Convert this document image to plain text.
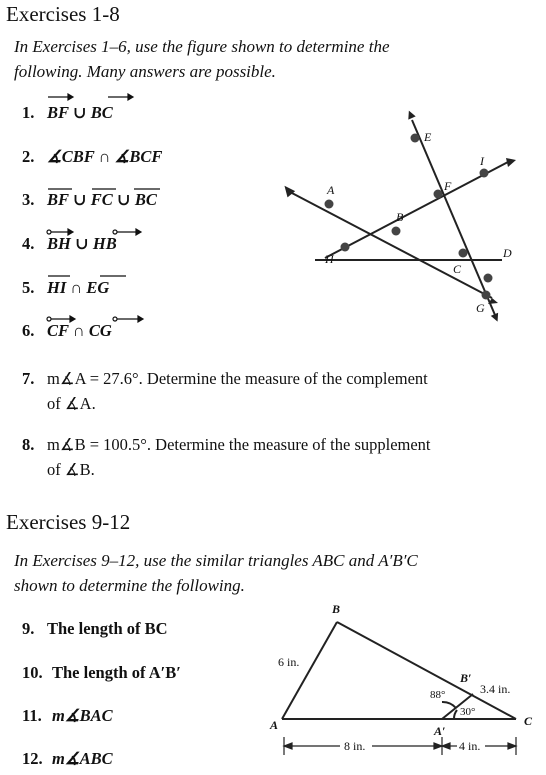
Exercises 1-8
In Exercises 1–6, use the figure shown to determine the
following. Many answers are possible.
1. BF ∪ BC
2. ∡CBF ∩ ∡BCF
3. BF ∪ FC ∪ BC
4. BH ∪ HB
5. HI ∩ EG
6. CF ∩ CG
A
B
C
D
E
F
G
H
I
7. m∡A = 27.6°. Determine the measure of the complement
of ∡A.
8. m∡B = 100.5°. Determine the measure of the supplement
of ∡B.
Exercises 9-12
In Exercises 9–12, use the similar triangles ABC and A′B′C
shown to determine the following.
9. The length of BC
10. The length of A′B′
11. m∡BAC
12. m∡ABC
B
A	C
B′
A′
6 in.
3.4 in.
88°
30°
8 in.	4 in.
